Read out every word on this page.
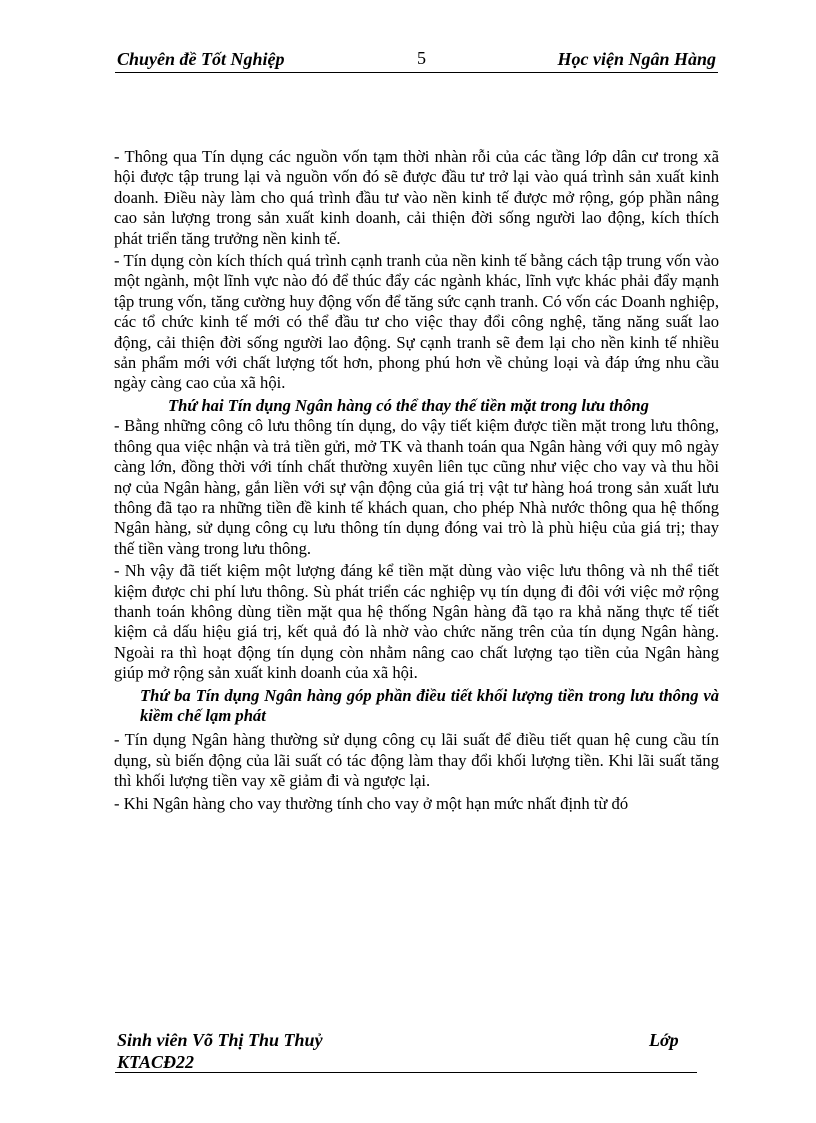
Chuyên đề Tốt Nghiệp	5	Học viện Ngân Hàng

- Thông qua Tín dụng các nguồn vốn tạm thời nhàn rỗi của các tầng lớp dân cư trong xã hội được tập trung lại và nguồn vốn đó sẽ được đầu tư trở lại vào quá trình sản xuất kinh doanh. Điều này làm cho quá trình đầu tư vào nền kinh tế được mở rộng, góp phần nâng cao sản lượng trong sản xuất kinh doanh, cải thiện đời sống người lao động, kích thích phát triển tăng trưởng nền kinh tế.

- Tín dụng còn kích thích quá trình cạnh tranh của nền kinh tế bằng cách tập trung vốn vào một ngành, một lĩnh vực nào đó để thúc đẩy các ngành khác, lĩnh vực khác phải đẩy mạnh tập trung vốn, tăng cường huy động vốn để tăng sức cạnh tranh. Có vốn các Doanh nghiệp, các tổ chức kinh tế mới có thể đầu tư cho việc thay đổi công nghệ, tăng năng suất lao động, cải thiện đời sống người lao động. Sự cạnh tranh sẽ đem lại cho nền kinh tế nhiều sản phẩm mới với chất lượng tốt hơn, phong phú hơn về chủng loại và đáp ứng nhu cầu ngày càng cao của xã hội.

Thứ hai Tín dụng Ngân hàng có thể thay thế tiền mặt trong lưu thông

- Bằng những công cô lưu thông tín dụng, do vậy tiết kiệm được tiền mặt trong lưu thông, thông qua việc nhận và trả tiền gửi, mở TK và thanh toán qua Ngân hàng với quy mô ngày càng lớn, đồng thời với tính chất thường xuyên liên tục cũng như việc cho vay và thu hồi nợ của Ngân hàng, gắn liền với sự vận động của giá trị vật tư hàng hoá trong sản xuất lưu thông đã tạo ra những tiền đề kinh tế khách quan, cho phép Nhà nước thông qua hệ thống Ngân hàng, sử dụng công cụ lưu thông tín dụng đóng vai trò là phù hiệu của giá trị; thay thế tiền vàng trong lưu thông.

- Nh vậy đã tiết kiệm một lượng đáng kể tiền mặt dùng vào việc lưu thông và nh thể tiết kiệm được chi phí lưu thông. Sù phát triển các nghiệp vụ tín dụng đi đôi với việc mở rộng thanh toán không dùng tiền mặt qua hệ thống Ngân hàng đã tạo ra khả năng thực tế tiết kiệm cả dấu hiệu giá trị, kết quả đó là nhờ vào chức năng trên của tín dụng Ngân hàng. Ngoài ra thì hoạt động tín dụng còn nhằm nâng cao chất lượng tạo tiền của Ngân hàng giúp mở rộng sản xuất kinh doanh của xã hội.

Thứ ba Tín dụng Ngân hàng góp phần điều tiết khối lượng tiền trong lưu thông và kiềm chế lạm phát

- Tín dụng Ngân hàng thường sử dụng công cụ lãi suất để điều tiết quan hệ cung cầu tín dụng, sù biến động của lãi suất có tác động làm thay đổi khối lượng tiền. Khi lãi suất tăng thì khối lượng tiền vay xẽ giảm đi và ngược lại.

- Khi Ngân hàng cho vay thường tính cho vay ở một hạn mức nhất định từ đó

Sinh viên Võ Thị Thu Thuỷ	Lớp
KTACĐ22
